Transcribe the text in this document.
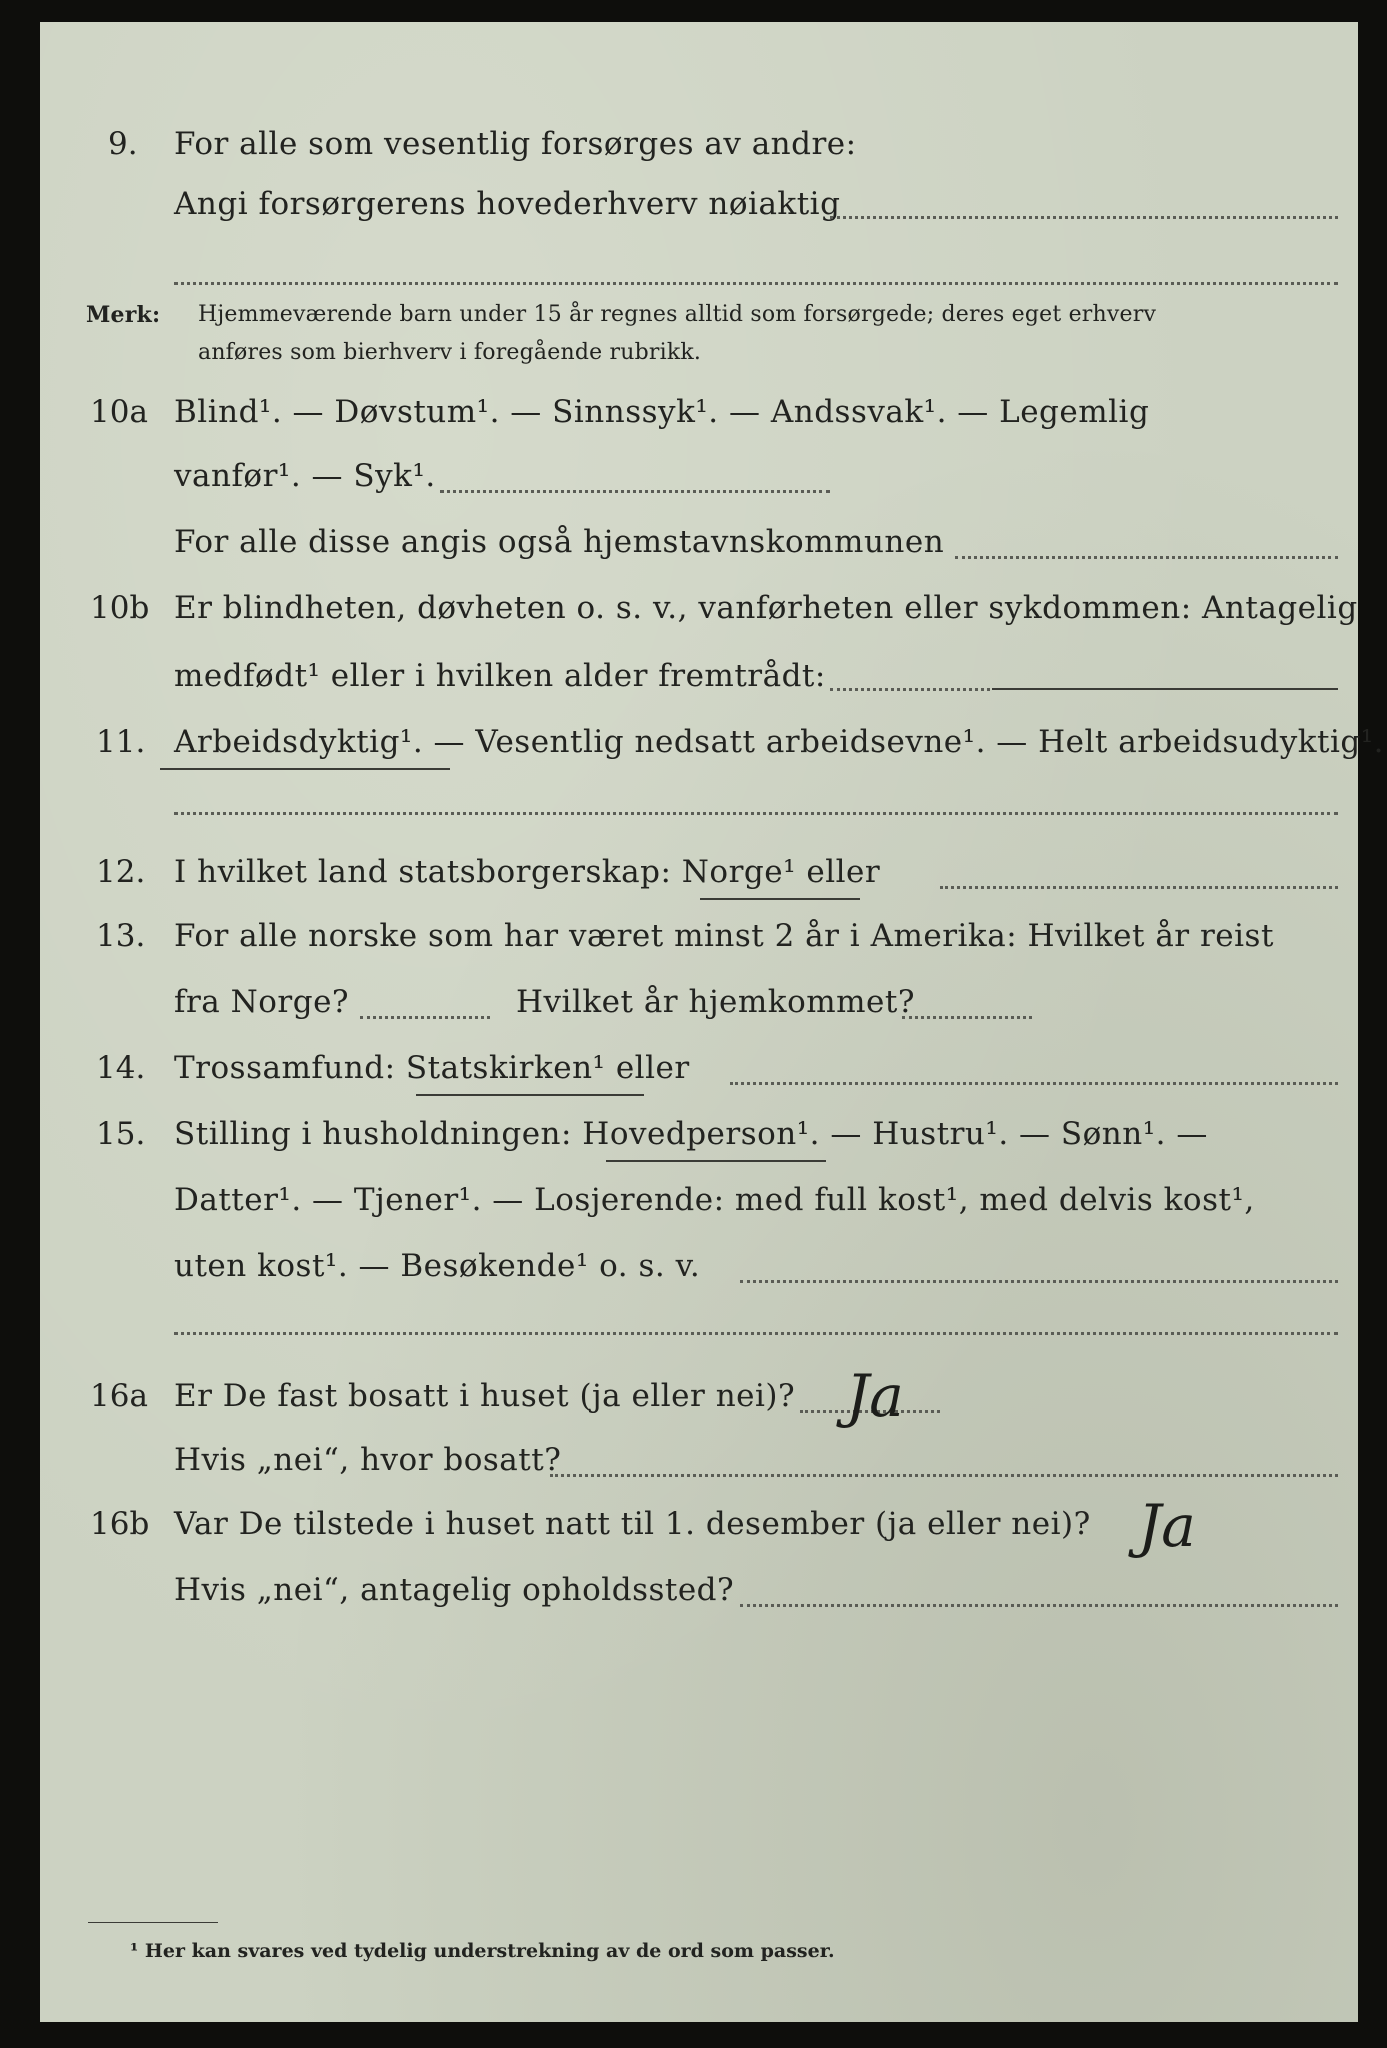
9. For alle som vesentlig forsørges av andre:
Angi forsørgerens hovederhverv nøiaktig
Merk: Hjemmeværende barn under 15 år regnes alltid som forsørgede; deres eget erhverv
anføres som bierhverv i foregående rubrikk.
10a Blind¹. — Døvstum¹. — Sinnssyk¹. — Andssvak¹. — Legemlig
vanfør¹. — Syk¹.
For alle disse angis også hjemstavnskommunen
10b Er blindheten, døvheten o. s. v., vanførheten eller sykdommen: Antagelig
medfødt¹ eller i hvilken alder fremtrådt:
11. Arbeidsdyktig¹. — Vesentlig nedsatt arbeidsevne¹. — Helt arbeidsudyktig¹.
12. I hvilket land statsborgerskap: Norge¹ eller
13. For alle norske som har været minst 2 år i Amerika: Hvilket år reist
fra Norge?	Hvilket år hjemkommet?
14. Trossamfund: Statskirken¹ eller
15. Stilling i husholdningen: Hovedperson¹. — Hustru¹. — Sønn¹. —
Datter¹. — Tjener¹. — Losjerende: med full kost¹, med delvis kost¹,
uten kost¹. — Besøkende¹ o. s. v.
16a Er De fast bosatt i huset (ja eller nei)? Ja
Hvis „nei“, hvor bosatt?
16b Var De tilstede i huset natt til 1. desember (ja eller nei)? Ja
Hvis „nei“, antagelig opholdssted?
¹ Her kan svares ved tydelig understrekning av de ord som passer.
